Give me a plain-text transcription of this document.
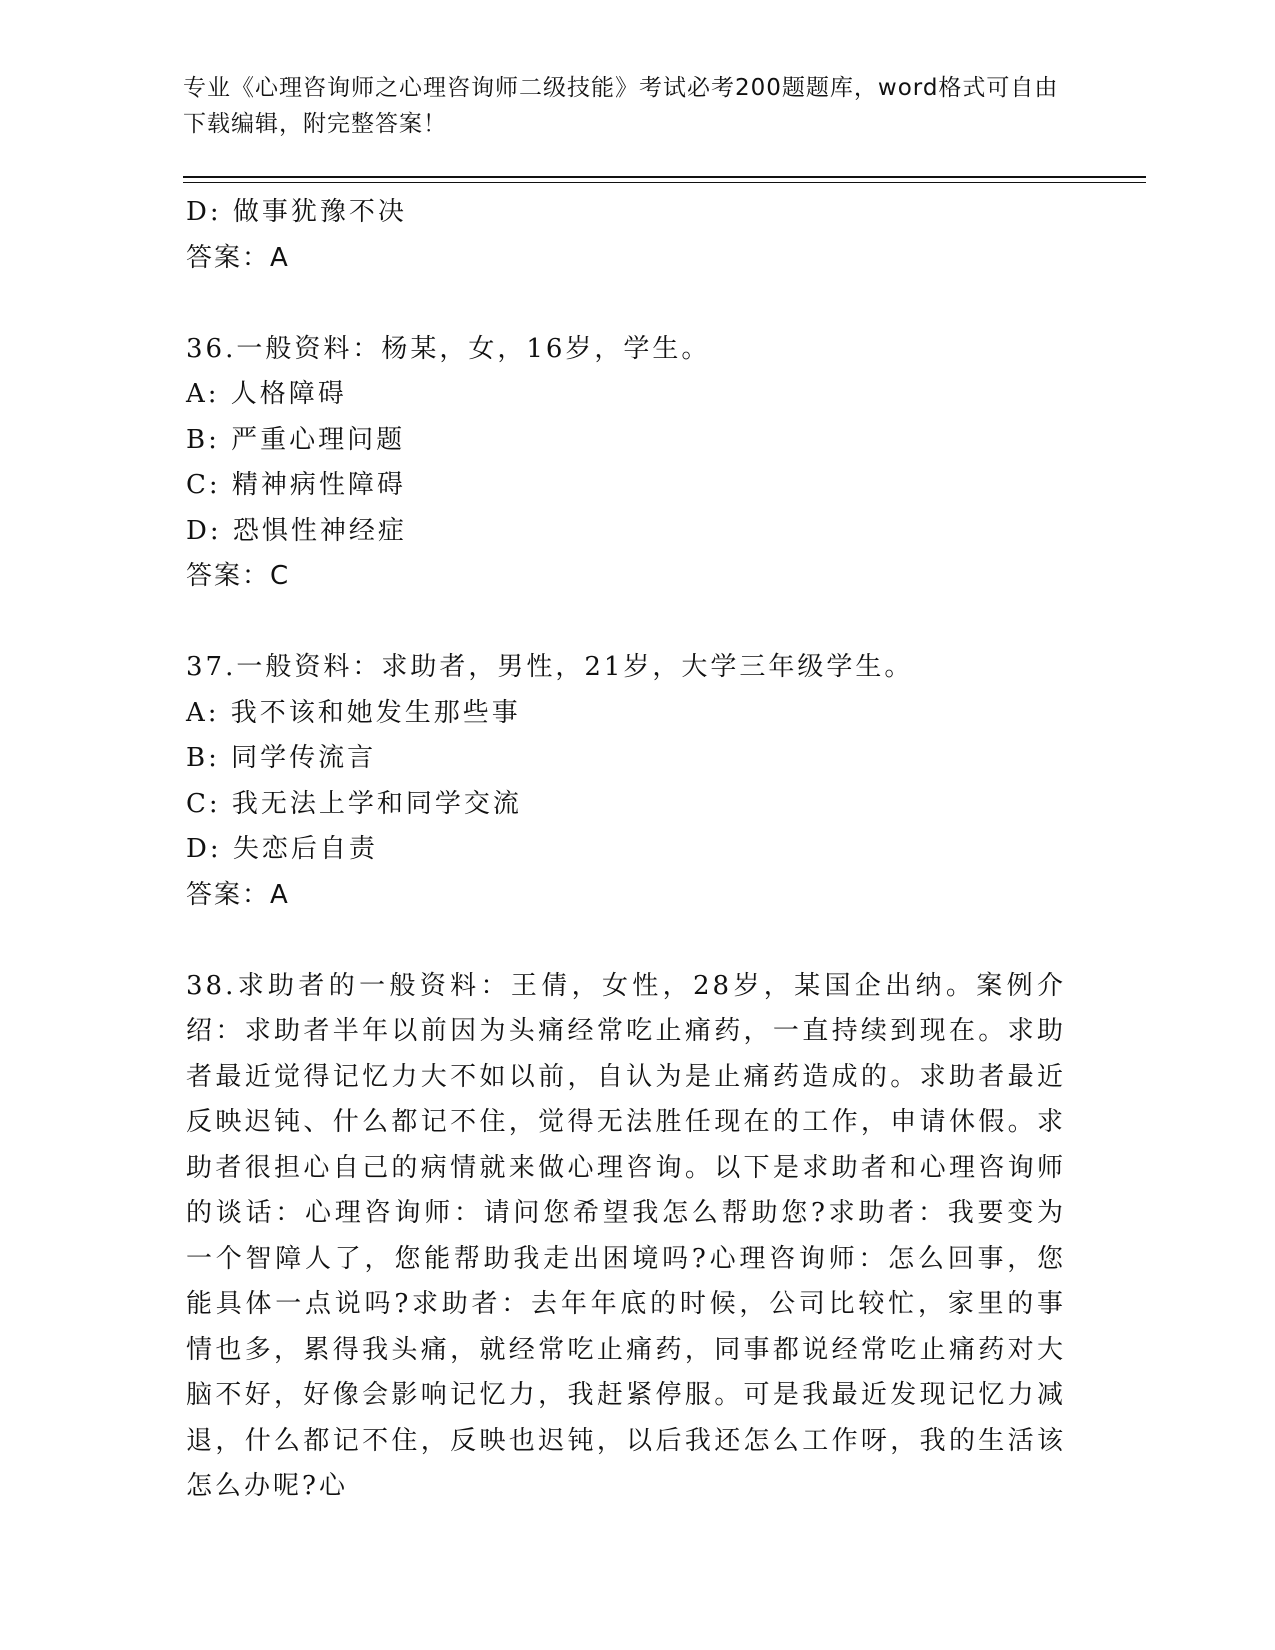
专业《心理咨询师之心理咨询师二级技能》考试必考200题题库，word格式可自由下载编辑，附完整答案！
D: 做事犹豫不决
答案：A
36.一般资料：杨某，女，16岁，学生。
A: 人格障碍
B: 严重心理问题
C: 精神病性障碍
D: 恐惧性神经症
答案：C
37.一般资料：求助者，男性，21岁，大学三年级学生。
A: 我不该和她发生那些事
B: 同学传流言
C: 我无法上学和同学交流
D: 失恋后自责
答案：A
38.求助者的一般资料：王倩，女性，28岁，某国企出纳。案例介绍：求助者半年以前因为头痛经常吃止痛药，一直持续到现在。求助者最近觉得记忆力大不如以前，自认为是止痛药造成的。求助者最近反映迟钝、什么都记不住，觉得无法胜任现在的工作，申请休假。求助者很担心自己的病情就来做心理咨询。以下是求助者和心理咨询师的谈话：心理咨询师：请问您希望我怎么帮助您?求助者：我要变为一个智障人了，您能帮助我走出困境吗?心理咨询师：怎么回事，您能具体一点说吗?求助者：去年年底的时候，公司比较忙，家里的事情也多，累得我头痛，就经常吃止痛药，同事都说经常吃止痛药对大脑不好，好像会影响记忆力，我赶紧停服。可是我最近发现记忆力减退，什么都记不住，反映也迟钝，以后我还怎么工作呀，我的生活该怎么办呢?心
